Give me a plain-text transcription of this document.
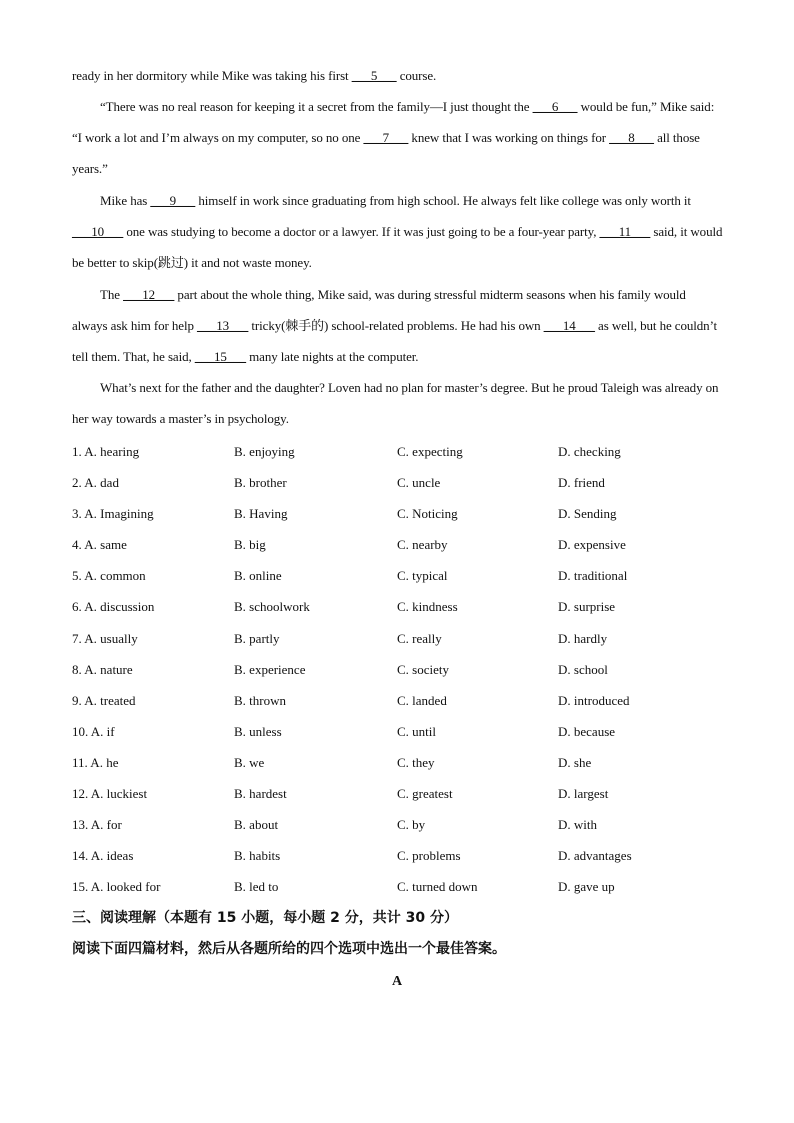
ready in her dormitory while Mike was taking his first ___5___ course.
“There was no real reason for keeping it a secret from the family—I just thought the ___6___ would be fun,” Mike said: “I work a lot and I’m always on my computer, so no one ___7___ knew that I was working on things for ___8___ all those years.”
Mike has ___9___ himself in work since graduating from high school. He always felt like college was only worth it ___10___ one was studying to become a doctor or a lawyer. If it was just going to be a four-year party, ___11___ said, it would be better to skip(跳过) it and not waste money.
The ___12___ part about the whole thing, Mike said, was during stressful midterm seasons when his family would always ask him for help ___13___ tricky(棘手的) school-related problems. He had his own ___14___ as well, but he couldn’t tell them. That, he said, ___15___ many late nights at the computer.
What’s next for the father and the daughter? Loven had no plan for master’s degree. But he proud Taleigh was already on her way towards a master’s in psychology.
1. A. hearing	B. enjoying	C. expecting	D. checking
2. A. dad	B. brother	C. uncle	D. friend
3. A. Imagining	B. Having	C. Noticing	D. Sending
4. A. same	B. big	C. nearby	D. expensive
5. A. common	B. online	C. typical	D. traditional
6. A. discussion	B. schoolwork	C. kindness	D. surprise
7. A. usually	B. partly	C. really	D. hardly
8. A. nature	B. experience	C. society	D. school
9. A. treated	B. thrown	C. landed	D. introduced
10. A. if	B. unless	C. until	D. because
11. A. he	B. we	C. they	D. she
12. A. luckiest	B. hardest	C. greatest	D. largest
13. A. for	B. about	C. by	D. with
14. A. ideas	B. habits	C. problems	D. advantages
15. A. looked for	B. led to	C. turned down	D. gave up
三、阅读理解（本题有 15 小题，每小题 2 分，共计 30 分）
阅读下面四篇材料，然后从各题所给的四个选项中选出一个最佳答案。
A
